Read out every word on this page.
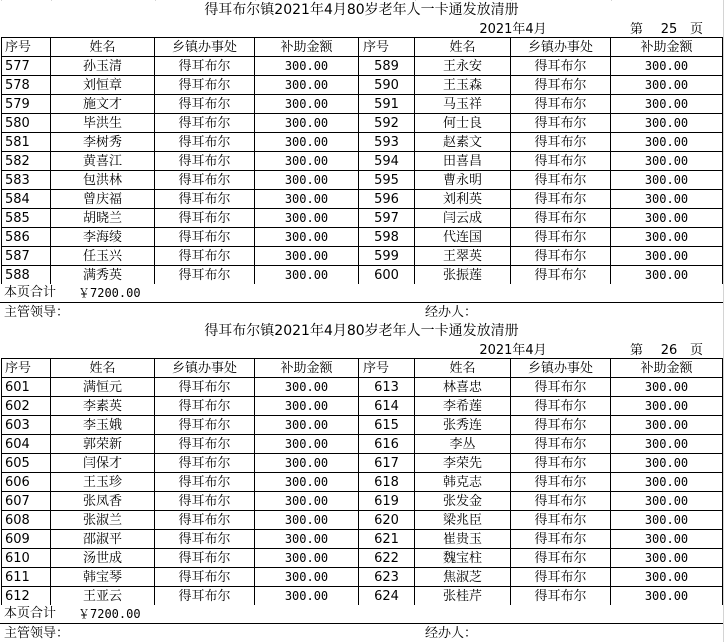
得耳布尔镇2021年4月80岁老年人一卡通发放清册
2021年4月	第	25 页
序号	姓名	乡镇办事处	补助金额	序号	姓名	乡镇办事处	补助金额
577	孙玉清	得耳布尔	300.00	589	王永安	得耳布尔	300.00
578	刘恒章	得耳布尔	300.00	590	王玉森	得耳布尔	300.00
579	施文才	得耳布尔	300.00	591	马玉祥	得耳布尔	300.00
580	毕洪生	得耳布尔	300.00	592	何士良	得耳布尔	300.00
581	李树秀	得耳布尔	300.00	593	赵素文	得耳布尔	300.00
582	黄喜江	得耳布尔	300.00	594	田喜昌	得耳布尔	300.00
583	包洪林	得耳布尔	300.00	595	曹永明	得耳布尔	300.00
584	曾庆福	得耳布尔	300.00	596	刘利英	得耳布尔	300.00
585	胡晓兰	得耳布尔	300.00	597	闫云成	得耳布尔	300.00
586	李海绫	得耳布尔	300.00	598	代连国	得耳布尔	300.00
587	任玉兴	得耳布尔	300.00	599	王翠英	得耳布尔	300.00
588	满秀英	得耳布尔	300.00	600	张振莲	得耳布尔	300.00
本页合计	￥7200.00
主管领导：	经办人：
得耳布尔镇2021年4月80岁老年人一卡通发放清册
2021年4月	第	26 页
序号	姓名	乡镇办事处	补助金额	序号	姓名	乡镇办事处	补助金额
601	满恒元	得耳布尔	300.00	613	林喜忠	得耳布尔	300.00
602	李素英	得耳布尔	300.00	614	李希莲	得耳布尔	300.00
603	李玉娥	得耳布尔	300.00	615	张秀连	得耳布尔	300.00
604	郭荣新	得耳布尔	300.00	616	李丛	得耳布尔	300.00
605	闫保才	得耳布尔	300.00	617	李荣先	得耳布尔	300.00
606	王玉珍	得耳布尔	300.00	618	韩克志	得耳布尔	300.00
607	张凤香	得耳布尔	300.00	619	张发金	得耳布尔	300.00
608	张淑兰	得耳布尔	300.00	620	梁兆臣	得耳布尔	300.00
609	邵淑平	得耳布尔	300.00	621	崔贵玉	得耳布尔	300.00
610	汤世成	得耳布尔	300.00	622	魏宝柱	得耳布尔	300.00
611	韩宝琴	得耳布尔	300.00	623	焦淑芝	得耳布尔	300.00
612	王亚云	得耳布尔	300.00	624	张桂芹	得耳布尔	300.00
本页合计	￥7200.00
主管领导：	经办人：
